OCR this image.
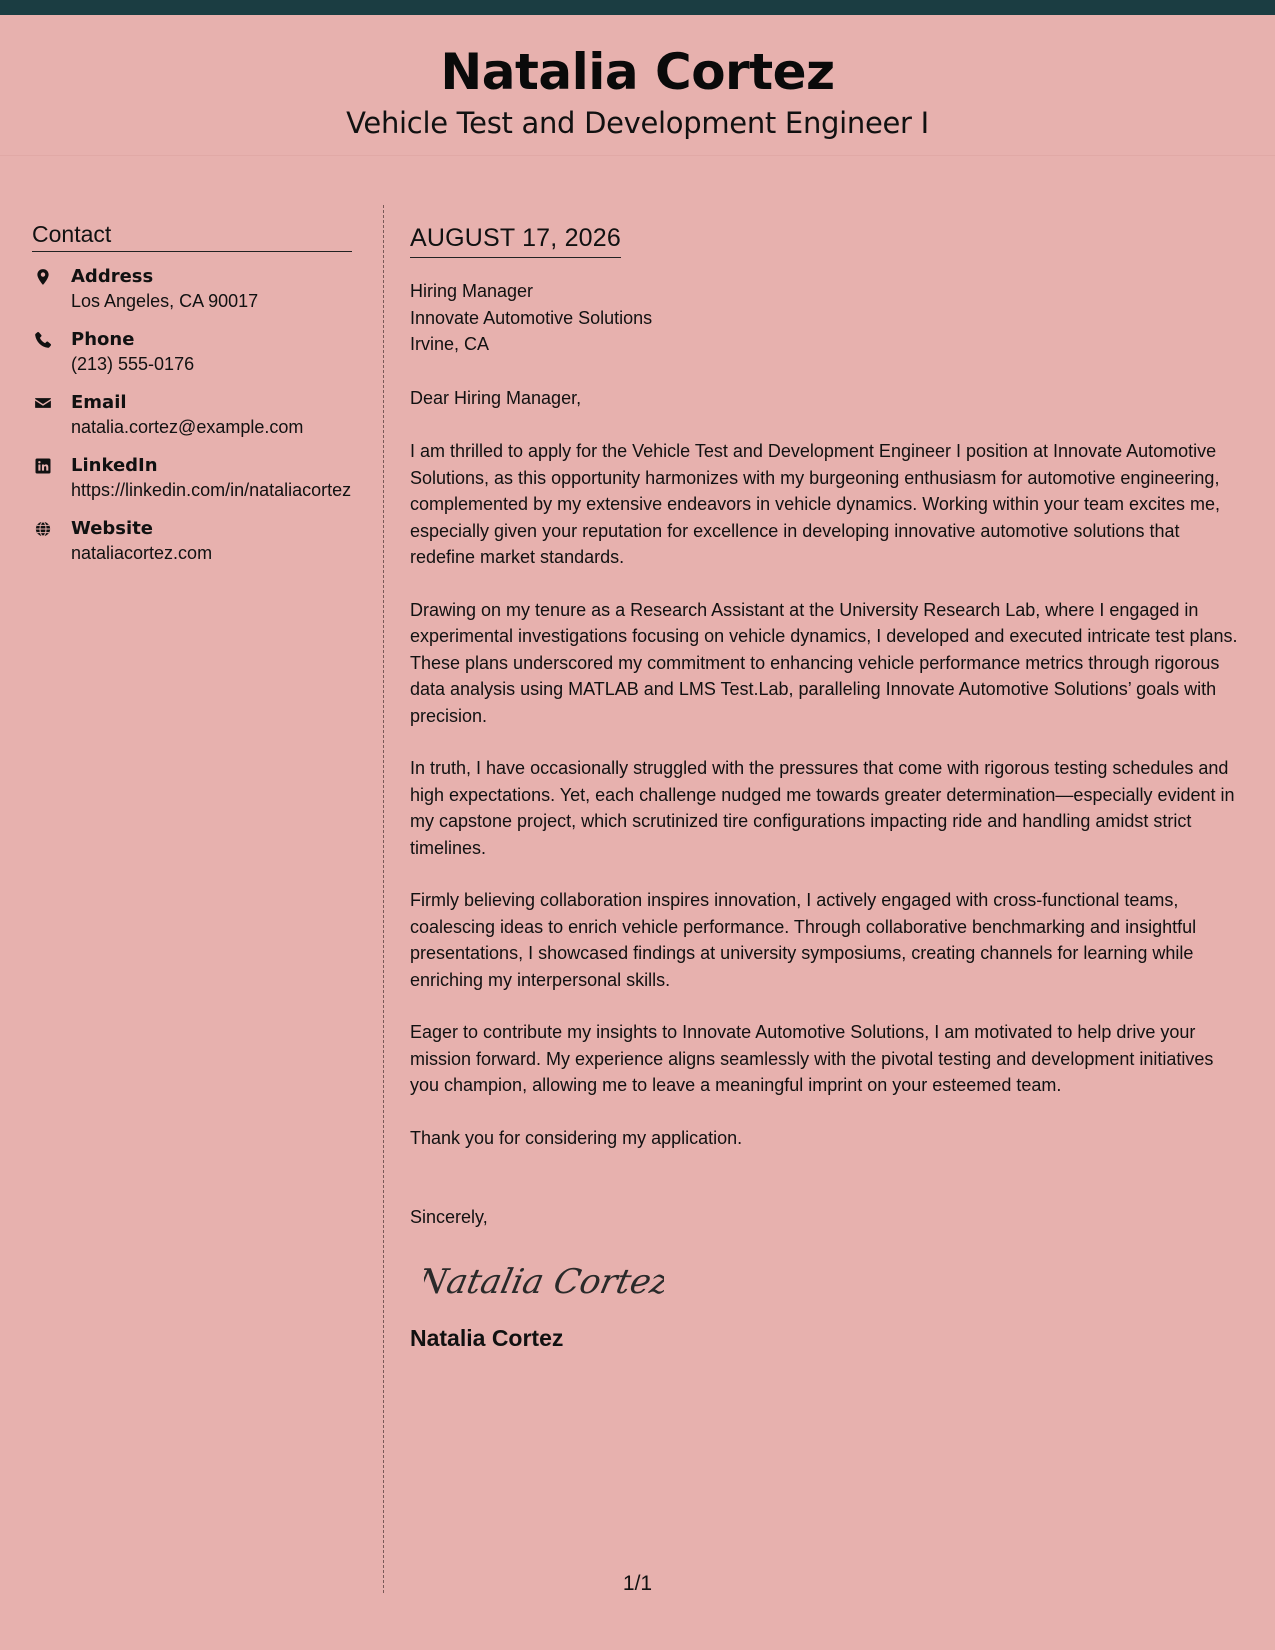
Natalia Cortez
Vehicle Test and Development Engineer I
Contact
Address
Los Angeles, CA 90017
Phone
(213) 555-0176
Email
natalia.cortez@example.com
LinkedIn
https://linkedin.com/in/nataliacortez
Website
nataliacortez.com
AUGUST 17, 2026
Hiring Manager
Innovate Automotive Solutions
Irvine, CA
Dear Hiring Manager,

I am thrilled to apply for the Vehicle Test and Development Engineer I position at Innovate Automotive Solutions, as this opportunity harmonizes with my burgeoning enthusiasm for automotive engineering, complemented by my extensive endeavors in vehicle dynamics. Working within your team excites me, especially given your reputation for excellence in developing innovative automotive solutions that redefine market standards.

Drawing on my tenure as a Research Assistant at the University Research Lab, where I engaged in experimental investigations focusing on vehicle dynamics, I developed and executed intricate test plans. These plans underscored my commitment to enhancing vehicle performance metrics through rigorous data analysis using MATLAB and LMS Test.Lab, paralleling Innovate Automotive Solutions’ goals with precision.

In truth, I have occasionally struggled with the pressures that come with rigorous testing schedules and high expectations. Yet, each challenge nudged me towards greater determination—especially evident in my capstone project, which scrutinized tire configurations impacting ride and handling amidst strict timelines.

Firmly believing collaboration inspires innovation, I actively engaged with cross-functional teams, coalescing ideas to enrich vehicle performance. Through collaborative benchmarking and insightful presentations, I showcased findings at university symposiums, creating channels for learning while enriching my interpersonal skills.

Eager to contribute my insights to Innovate Automotive Solutions, I am motivated to help drive your mission forward. My experience aligns seamlessly with the pivotal testing and development initiatives you champion, allowing me to leave a meaningful imprint on your esteemed team.

Thank you for considering my application.
Sincerely,
Natalia Cortez
Natalia Cortez
1/1
